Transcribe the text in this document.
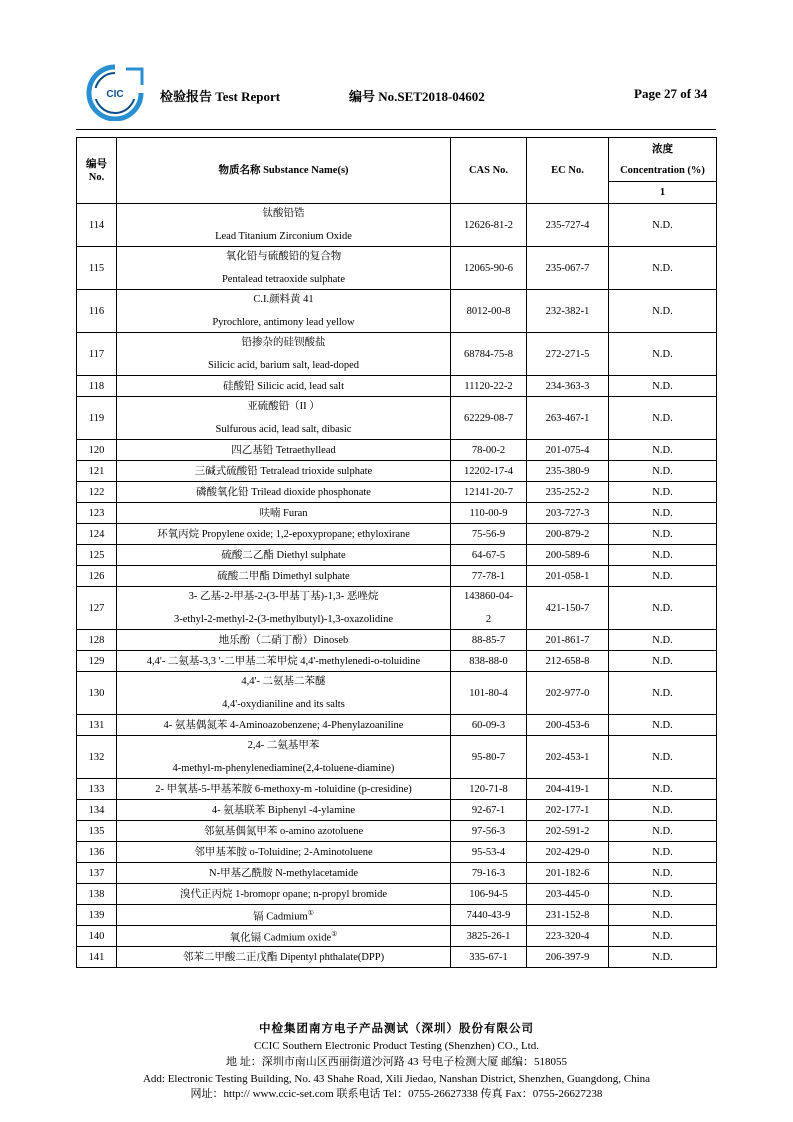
CIC	检验报告 Test Report	编号 No.SET2018-04602	Page 27 of 34
编号
No.	物质名称 Substance Name(s)	CAS No.	EC No.	浓度
Concentration (%)
				1
114	钛酸铅锆
Lead Titanium Zirconium Oxide	12626-81-2	235-727-4	N.D.
115	氧化铅与硫酸铅的复合物
Pentalead tetraoxide sulphate	12065-90-6	235-067-7	N.D.
116	C.I.颜料黄 41
Pyrochlore, antimony lead yellow	8012-00-8	232-382-1	N.D.
117	铅掺杂的硅钡酸盐
Silicic acid, barium salt, lead-doped	68784-75-8	272-271-5	N.D.
118	硅酸铅 Silicic acid, lead salt	11120-22-2	234-363-3	N.D.
119	亚硫酸铅（II ）
Sulfurous acid, lead salt, dibasic	62229-08-7	263-467-1	N.D.
120	四乙基铅 Tetraethyllead	78-00-2	201-075-4	N.D.
121	三碱式硫酸铅 Tetralead trioxide sulphate	12202-17-4	235-380-9	N.D.
122	磷酸氧化铅 Trilead dioxide phosphonate	12141-20-7	235-252-2	N.D.
123	呋喃 Furan	110-00-9	203-727-3	N.D.
124	环氧丙烷 Propylene oxide; 1,2-epoxypropane; ethyloxirane	75-56-9	200-879-2	N.D.
125	硫酸二乙酯 Diethyl sulphate	64-67-5	200-589-6	N.D.
126	硫酸二甲酯 Dimethyl sulphate	77-78-1	201-058-1	N.D.
127	3- 乙基-2-甲基-2-(3-甲基丁基)-1,3- 恶唑烷
3-ethyl-2-methyl-2-(3-methylbutyl)-1,3-oxazolidine	143860-04-
2	421-150-7	N.D.
128	地乐酚（二硝丁酚）Dinoseb	88-85-7	201-861-7	N.D.
129	4,4'- 二氨基-3,3 '-二甲基二苯甲烷 4,4'-methylenedi-o-toluidine	838-88-0	212-658-8	N.D.
130	4,4'- 二氨基二苯醚
4,4'-oxydianiline and its salts	101-80-4	202-977-0	N.D.
131	4- 氨基偶氮苯 4-Aminoazobenzene; 4-Phenylazoaniline	60-09-3	200-453-6	N.D.
132	2,4- 二氨基甲苯
4-methyl-m-phenylenediamine(2,4-toluene-diamine)	95-80-7	202-453-1	N.D.
133	2- 甲氧基-5-甲基苯胺 6-methoxy-m -toluidine (p-cresidine)	120-71-8	204-419-1	N.D.
134	4- 氨基联苯 Biphenyl -4-ylamine	92-67-1	202-177-1	N.D.
135	邻氨基偶氮甲苯 o-amino azotoluene	97-56-3	202-591-2	N.D.
136	邻甲基苯胺 o-Toluidine; 2-Aminotoluene	95-53-4	202-429-0	N.D.
137	N-甲基乙酰胺 N-methylacetamide	79-16-3	201-182-6	N.D.
138	溴代正丙烷 1-bromopr opane; n-propyl bromide	106-94-5	203-445-0	N.D.
139	镉 Cadmium①	7440-43-9	231-152-8	N.D.
140	氧化镉 Cadmium oxide①	3825-26-1	223-320-4	N.D.
141	邻苯二甲酸二正戊酯 Dipentyl phthalate(DPP)	335-67-1	206-397-9	N.D.
中检集团南方电子产品测试（深圳）股份有限公司
CCIC Southern Electronic Product Testing (Shenzhen) CO., Ltd.
地 址：深圳市南山区西丽街道沙河路 43 号电子检测大厦 邮编：518055
Add: Electronic Testing Building, No. 43 Shahe Road, Xili Jiedao, Nanshan District, Shenzhen, Guangdong, China
网址：http:// www.ccic-set.com 联系电话 Tel：0755-26627338 传真 Fax：0755-26627238
